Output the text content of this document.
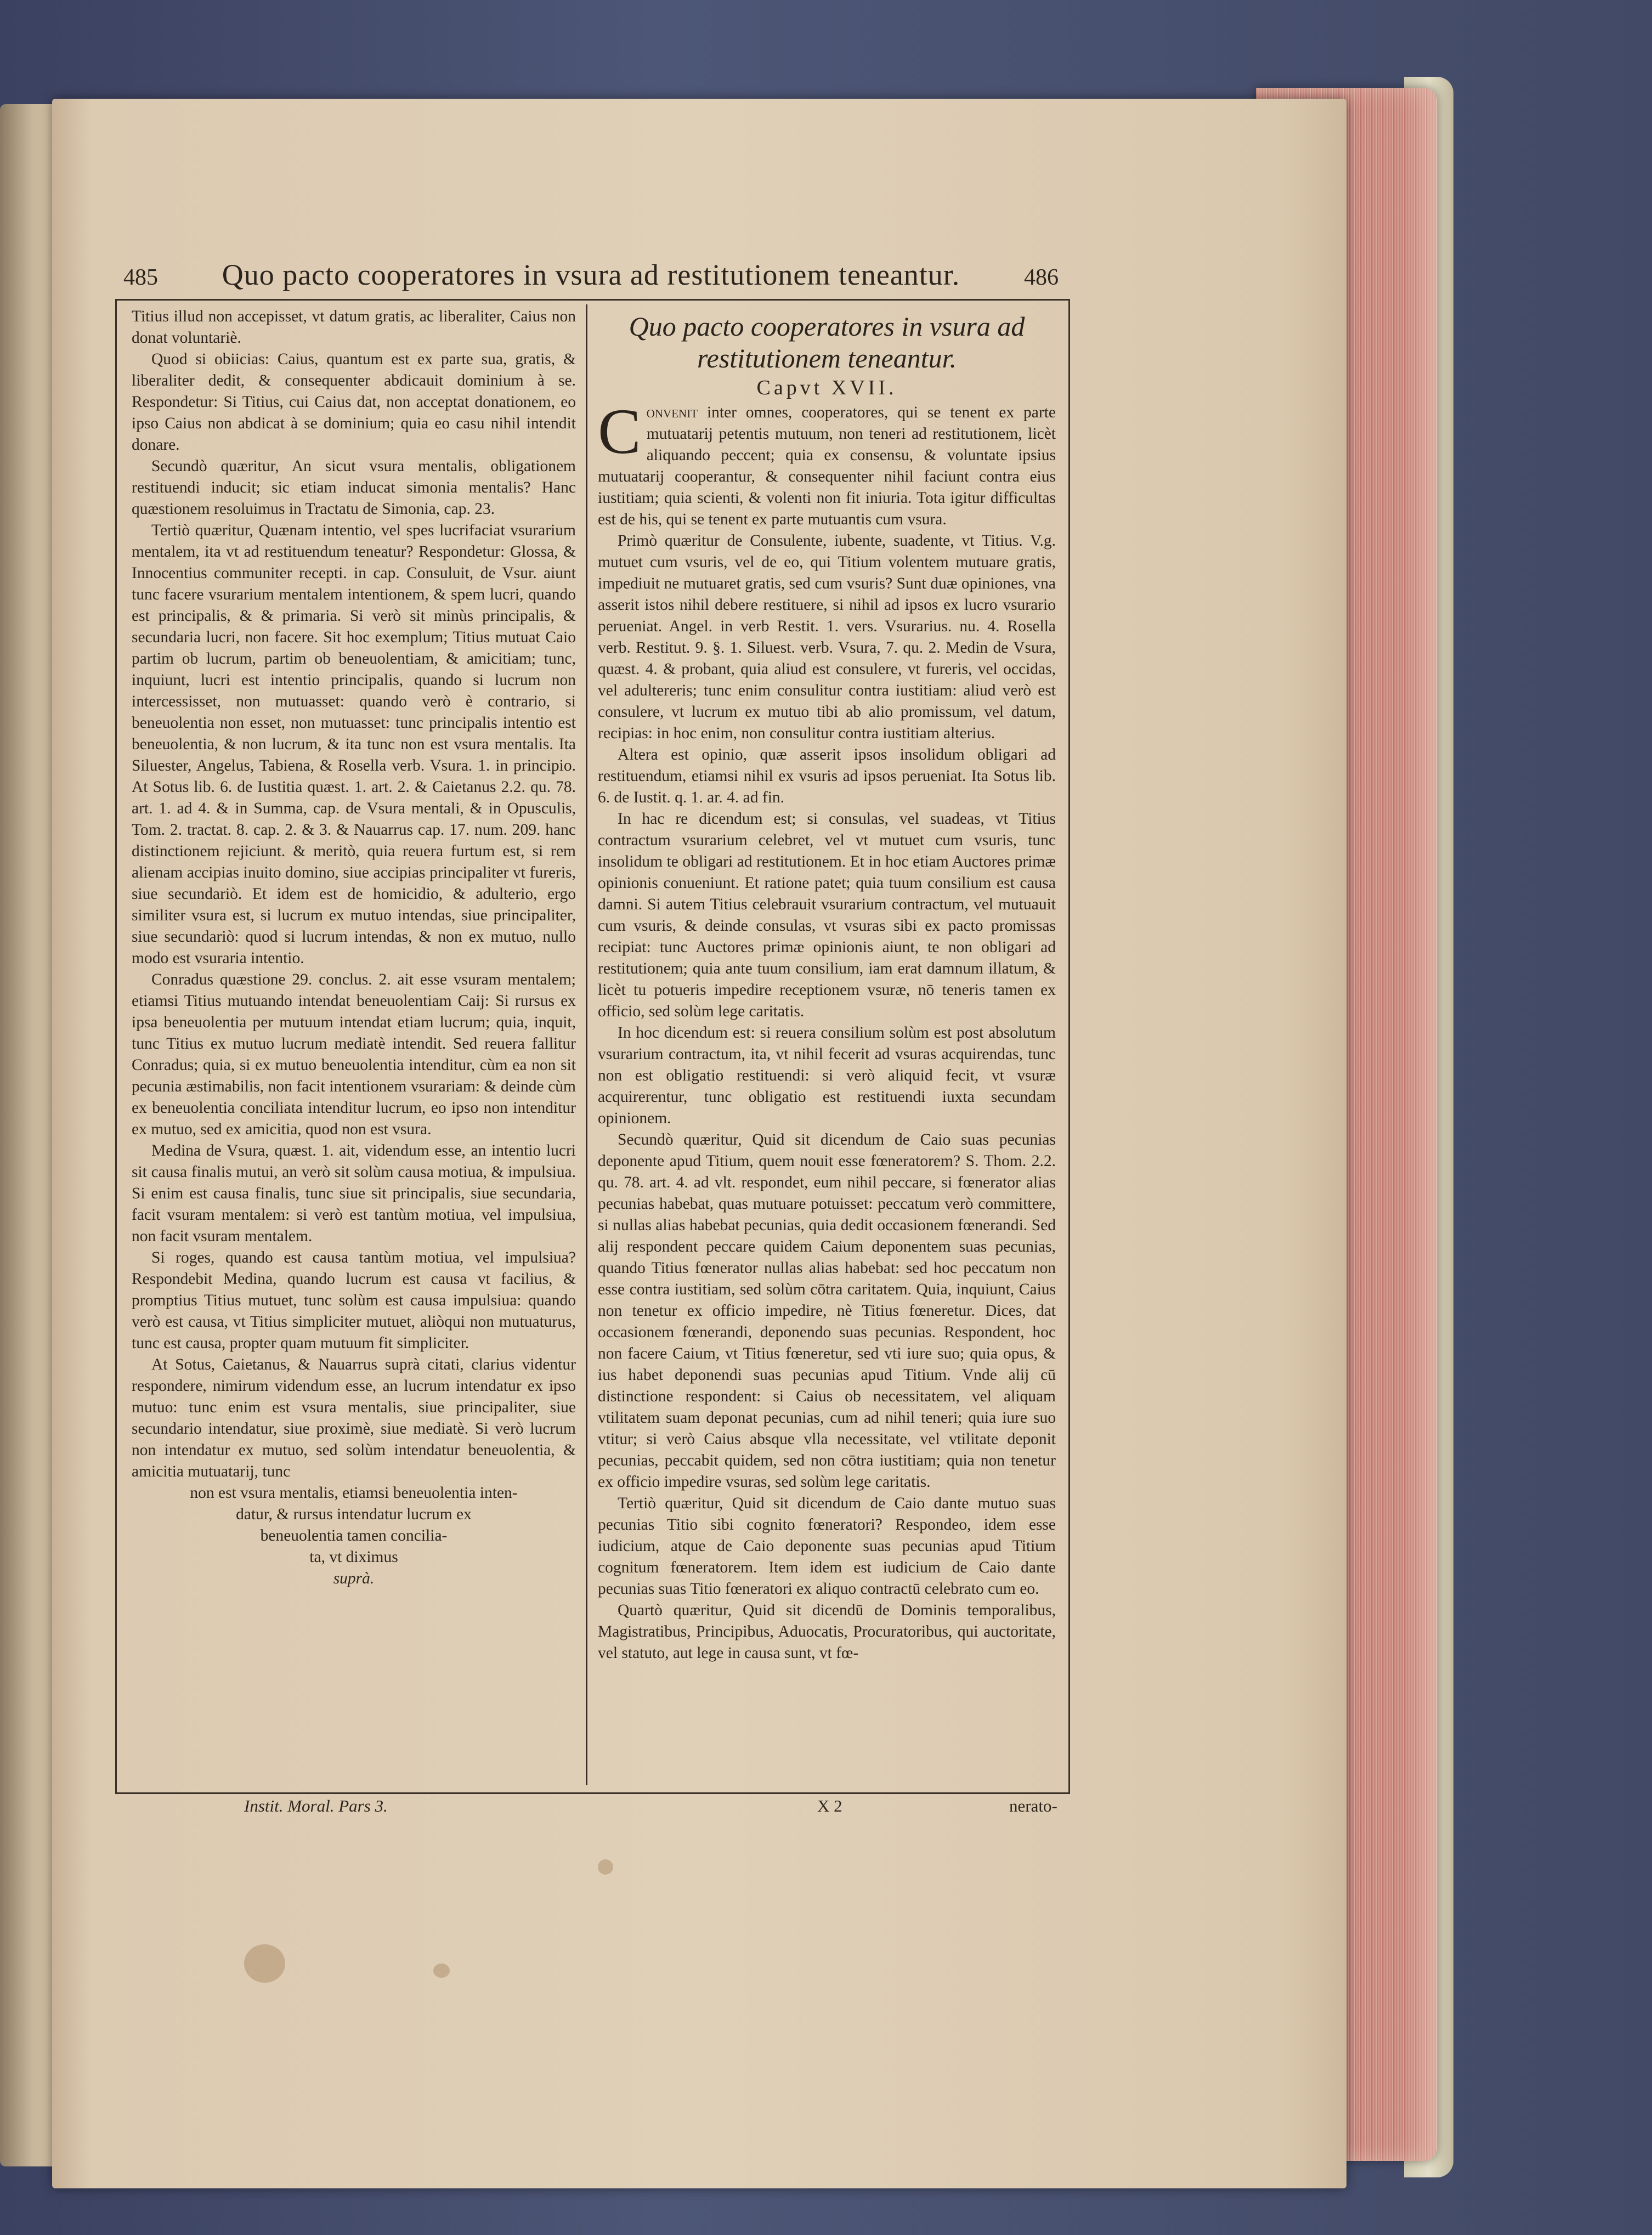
485 Quo pacto cooperatores in vsura ad restitutionem teneantur.	486

Titius illud non accepisset, vt datum gratis, ac liberaliter, Caius non donat voluntariè.

Quod si obiicias: Caius, quantum est ex parte sua, gratis, & liberaliter dedit, & consequenter abdicauit dominium à se. Respondetur: Si Titius, cui Caius dat, non acceptat donationem, eo ipso Caius non abdicat à se dominium; quia eo casu nihil intendit donare.

Secundò quæritur, An sicut vsura mentalis, obligationem restituendi inducit; sic etiam inducat simonia mentalis? Hanc quæstionem resoluimus in Tractatu de Simonia, cap. 23.

Tertiò quæritur, Quænam intentio, vel spes lucrifaciat vsurarium mentalem, ita vt ad restituendum teneatur? Respondetur: Glossa, & Innocentius communiter recepti. in cap. Consuluit, de Vsur. aiunt tunc facere vsurarium mentalem intentionem, & spem lucri, quando est principalis, & & primaria. Si verò sit minùs principalis, & secundaria lucri, non facere. Sit hoc exemplum; Titius mutuat Caio partim ob lucrum, partim ob beneuolentiam, & amicitiam; tunc, inquiunt, lucri est intentio principalis, quando si lucrum non intercessisset, non mutuasset: quando verò è contrario, si beneuolentia non esset, non mutuasset: tunc principalis intentio est beneuolentia, & non lucrum, & ita tunc non est vsura mentalis. Ita Siluester, Angelus, Tabiena, & Rosella verb. Vsura. 1. in principio. At Sotus lib. 6. de Iustitia quæst. 1. art. 2. & Caietanus 2.2. qu. 78. art. 1. ad 4. & in Summa, cap. de Vsura mentali, & in Opusculis, Tom. 2. tractat. 8. cap. 2. & 3. & Nauarrus cap. 17. num. 209. hanc distinctionem rejiciunt. & meritò, quia reuera furtum est, si rem alienam accipias inuito domino, siue accipias principaliter vt fureris, siue secundariò. Et idem est de homicidio, & adulterio, ergo similiter vsura est, si lucrum ex mutuo intendas, siue principaliter, siue secundariò: quod si lucrum intendas, & non ex mutuo, nullo modo est vsuraria intentio.

Conradus quæstione 29. conclus. 2. ait esse vsuram mentalem; etiamsi Titius mutuando intendat beneuolentiam Caij: Si rursus ex ipsa beneuolentia per mutuum intendat etiam lucrum; quia, inquit, tunc Titius ex mutuo lucrum mediatè intendit. Sed reuera fallitur Conradus; quia, si ex mutuo beneuolentia intenditur, cùm ea non sit pecunia æstimabilis, non facit intentionem vsurariam: & deinde cùm ex beneuolentia conciliata intenditur lucrum, eo ipso non intenditur ex mutuo, sed ex amicitia, quod non est vsura.

Medina de Vsura, quæst. 1. ait, videndum esse, an intentio lucri sit causa finalis mutui, an verò sit solùm causa motiua, & impulsiua. Si enim est causa finalis, tunc siue sit principalis, siue secundaria, facit vsuram mentalem: si verò est tantùm motiua, vel impulsiua, non facit vsuram mentalem.

Si roges, quando est causa tantùm motiua, vel impulsiua? Respondebit Medina, quando lucrum est causa vt facilius, & promptius Titius mutuet, tunc solùm est causa impulsiua: quando verò est causa, vt Titius simpliciter mutuet, aliòqui non mutuaturus, tunc est causa, propter quam mutuum fit simpliciter.

At Sotus, Caietanus, & Nauarrus suprà citati, clarius videntur respondere, nimirum videndum esse, an lucrum intendatur ex ipso mutuo: tunc enim est vsura mentalis, siue principaliter, siue secundario intendatur, siue proximè, siue mediatè. Si verò lucrum non intendatur ex mutuo, sed solùm intendatur beneuolentia, & amicitia mutuatarij, tunc

non est vsura mentalis, etiamsi beneuolentia inten-

datur, & rursus intendatur lucrum ex

beneuolentia tamen concilia-

ta, vt diximus

suprà.

Quo pacto cooperatores in vsura ad restitutionem teneantur.
Capvt XVII.

Convenit inter omnes, cooperatores, qui se tenent ex parte mutuatarij petentis mutuum, non teneri ad restitutionem, licèt aliquando peccent; quia ex consensu, & voluntate ipsius mutuatarij cooperantur, & consequenter nihil faciunt contra eius iustitiam; quia scienti, & volenti non fit iniuria. Tota igitur difficultas est de his, qui se tenent ex parte mutuantis cum vsura.

Primò quæritur de Consulente, iubente, suadente, vt Titius. V.g. mutuet cum vsuris, vel de eo, qui Titium volentem mutuare gratis, impediuit ne mutuaret gratis, sed cum vsuris? Sunt duæ opiniones, vna asserit istos nihil debere restituere, si nihil ad ipsos ex lucro vsurario perueniat. Angel. in verb Restit. 1. vers. Vsurarius. nu. 4. Rosella verb. Restitut. 9. §. 1. Siluest. verb. Vsura, 7. qu. 2. Medin de Vsura, quæst. 4. & probant, quia aliud est consulere, vt fureris, vel occidas, vel adultereris; tunc enim consulitur contra iustitiam: aliud verò est consulere, vt lucrum ex mutuo tibi ab alio promissum, vel datum, recipias: in hoc enim, non consulitur contra iustitiam alterius.

Altera est opinio, quæ asserit ipsos insolidum obligari ad restituendum, etiamsi nihil ex vsuris ad ipsos perueniat. Ita Sotus lib. 6. de Iustit. q. 1. ar. 4. ad fin.

In hac re dicendum est; si consulas, vel suadeas, vt Titius contractum vsurarium celebret, vel vt mutuet cum vsuris, tunc insolidum te obligari ad restitutionem. Et in hoc etiam Auctores primæ opinionis conueniunt. Et ratione patet; quia tuum consilium est causa damni. Si autem Titius celebrauit vsurarium contractum, vel mutuauit cum vsuris, & deinde consulas, vt vsuras sibi ex pacto promissas recipiat: tunc Auctores primæ opinionis aiunt, te non obligari ad restitutionem; quia ante tuum consilium, iam erat damnum illatum, & licèt tu potueris impedire receptionem vsuræ, nō teneris tamen ex officio, sed solùm lege caritatis.

In hoc dicendum est: si reuera consilium solùm est post absolutum vsurarium contractum, ita, vt nihil fecerit ad vsuras acquirendas, tunc non est obligatio restituendi: si verò aliquid fecit, vt vsuræ acquirerentur, tunc obligatio est restituendi iuxta secundam opinionem.

Secundò quæritur, Quid sit dicendum de Caio suas pecunias deponente apud Titium, quem nouit esse fœneratorem? S. Thom. 2.2. qu. 78. art. 4. ad vlt. respondet, eum nihil peccare, si fœnerator alias pecunias habebat, quas mutuare potuisset: peccatum verò committere, si nullas alias habebat pecunias, quia dedit occasionem fœnerandi. Sed alij respondent peccare quidem Caium deponentem suas pecunias, quando Titius fœnerator nullas alias habebat: sed hoc peccatum non esse contra iustitiam, sed solùm cōtra caritatem. Quia, inquiunt, Caius non tenetur ex officio impedire, nè Titius fœneretur. Dices, dat occasionem fœnerandi, deponendo suas pecunias. Respondent, hoc non facere Caium, vt Titius fœneretur, sed vti iure suo; quia opus, & ius habet deponendi suas pecunias apud Titium. Vnde alij cū distinctione respondent: si Caius ob necessitatem, vel aliquam vtilitatem suam deponat pecunias, cum ad nihil teneri; quia iure suo vtitur; si verò Caius absque vlla necessitate, vel vtilitate deponit pecunias, peccabit quidem, sed non cōtra iustitiam; quia non tenetur ex officio impedire vsuras, sed solùm lege caritatis.

Tertiò quæritur, Quid sit dicendum de Caio dante mutuo suas pecunias Titio sibi cognito fœneratori? Respondeo, idem esse iudicium, atque de Caio deponente suas pecunias apud Titium cognitum fœneratorem. Item idem est iudicium de Caio dante pecunias suas Titio fœneratori ex aliquo contractū celebrato cum eo.

Quartò quæritur, Quid sit dicendū de Dominis temporalibus, Magistratibus, Principibus, Aduocatis, Procuratoribus, qui auctoritate, vel statuto, aut lege in causa sunt, vt fœ-

Instit. Moral. Pars 3.	X 2	nerato-
